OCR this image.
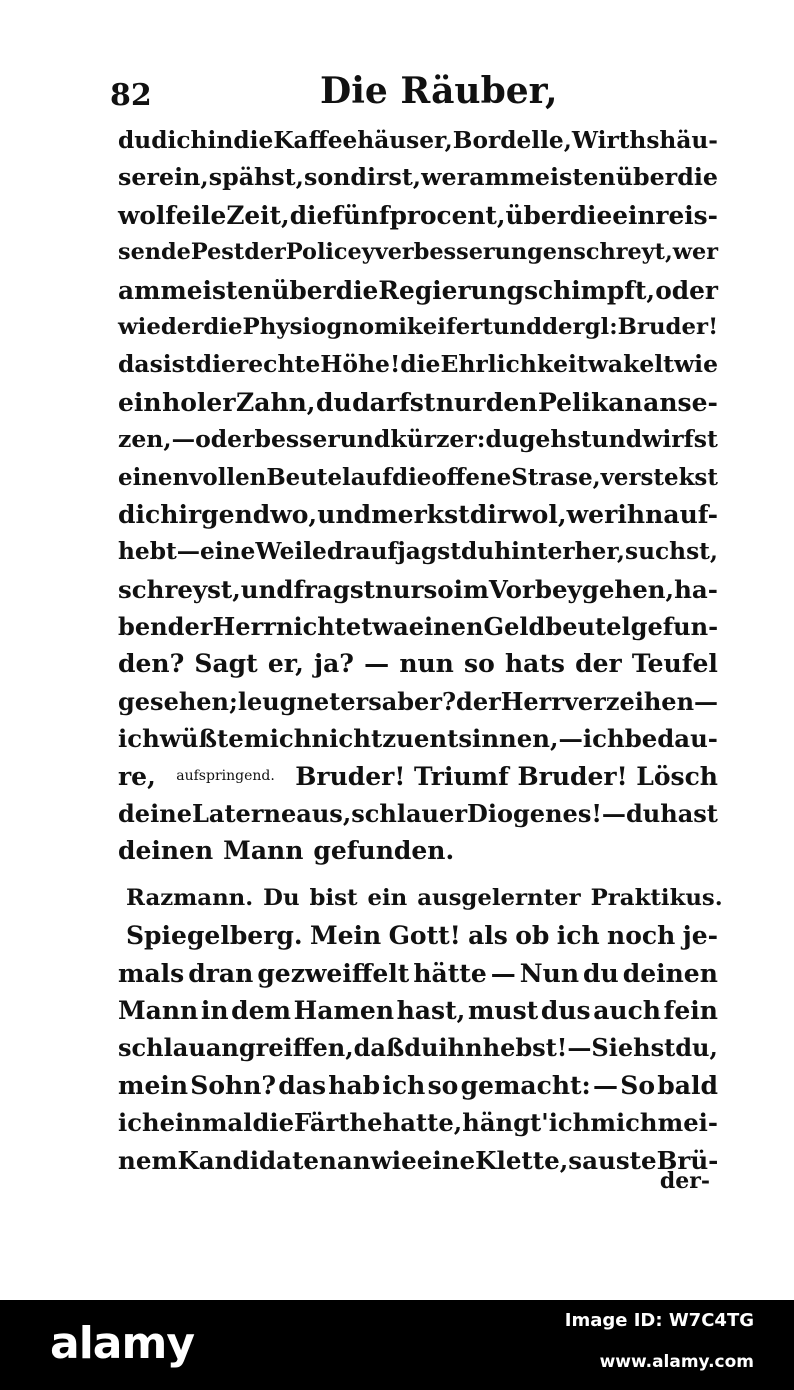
82	Die Räuber,
du dich in die Kaffeehäuser, Bordelle, Wirthshäu-
ser ein, spähst, sondirst, wer am meisten über die
wolfeile Zeit, die fünf pro cent, über die einreis-
sende Pest der Policeyverbesserungen schreyt, wer
am meisten über die Regierung schimpft, oder
wieder die Physiognomik eifert und dergl: Bruder!
das ist die rechte Höhe! die Ehrlichkeit wakelt wie
ein holer Zahn, du darfst nur den Pelikan anse-
zen, — oder besser und kürzer: du gehst und wirfst
einen vollen Beutel auf die offene Strase, verstekst
dich irgendwo, und merkst dir wol, wer ihn auf-
hebt — eine Weile drauf jagst du hinterher, suchst,
schreyst, und fragst nur so im Vorbeygehen, ha-
ben der Herr nicht etwa einen Geldbeutel gefun-
den? Sagt er, ja? — nun so hats der Teufel
gesehen; leugnet ers aber? der Herr verzeihen —
ich wüßte mich nicht zu entsinnen, — ich bedau-
re, aufspringend. Bruder! Triumf Bruder! Lösch
deine Laterne aus, schlauer Diogenes! — du hast
deinen Mann gefunden.
Razmann. Du bist ein ausgelernter Praktikus.
Spiegelberg. Mein Gott! als ob ich noch je-
mals dran gezweiffelt hätte — Nun du deinen
Mann in dem Hamen hast, must dus auch fein
schlau angreiffen, daß du ihn hebst! — Siehst du,
mein Sohn? das hab ich so gemacht: — So bald
ich einmal die Färthe hatte, hängt' ich mich mei-
nem Kandidaten an wie eine Klette, sauste Brü-
der-
alamy	Image ID: W7C4TG
www.alamy.com
